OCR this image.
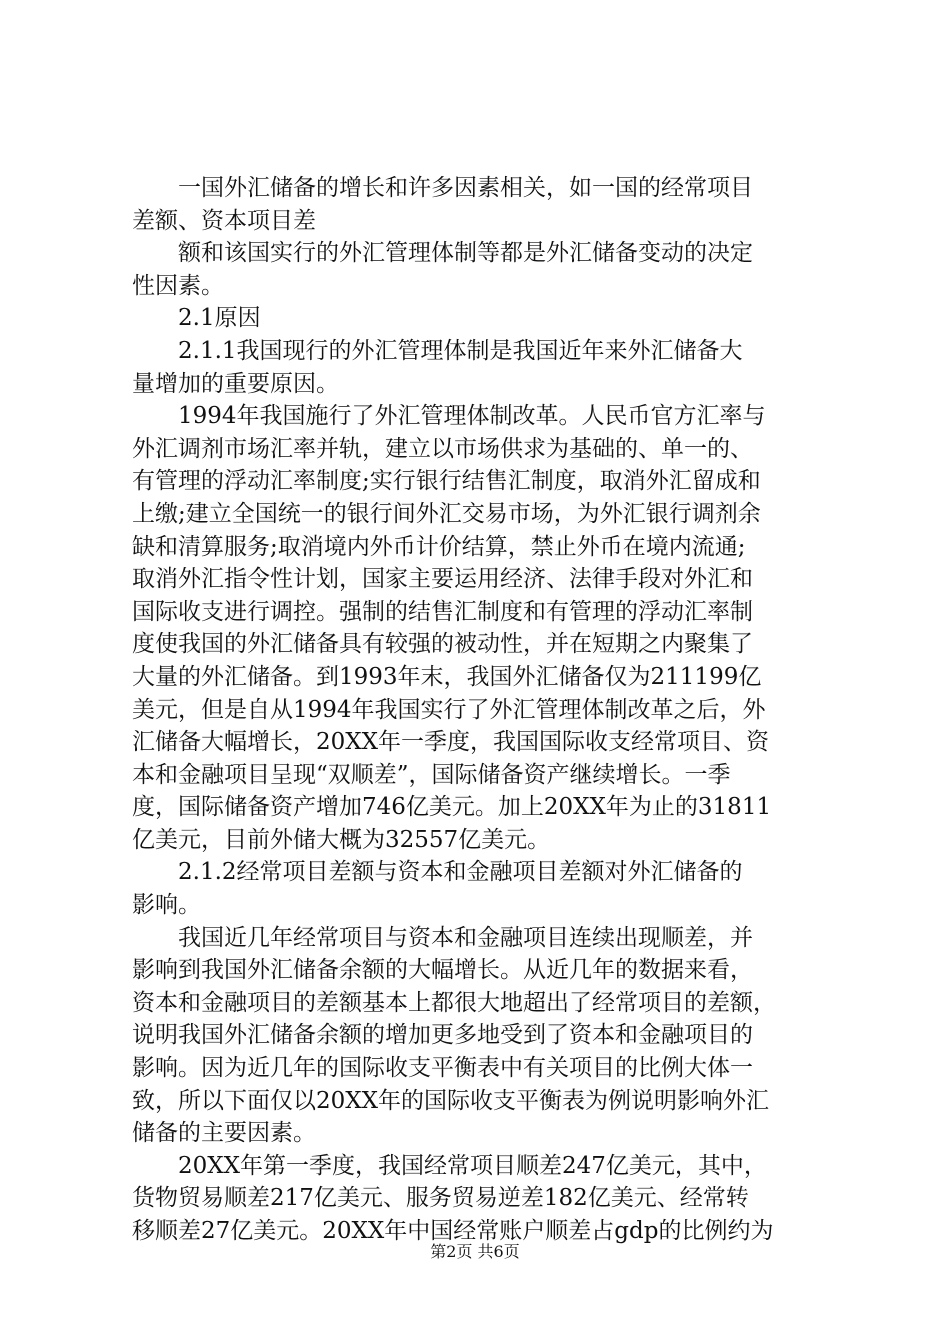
　　一国外汇储备的增长和许多因素相关，如一国的经常项目
差额、资本项目差
　　额和该国实行的外汇管理体制等都是外汇储备变动的决定
性因素。
　　2.1原因
　　2.1.1我国现行的外汇管理体制是我国近年来外汇储备大
量增加的重要原因。
　　1994年我国施行了外汇管理体制改革。人民币官方汇率与
外汇调剂市场汇率并轨，建立以市场供求为基础的、单一的、
有管理的浮动汇率制度;实行银行结售汇制度，取消外汇留成和
上缴;建立全国统一的银行间外汇交易市场，为外汇银行调剂余
缺和清算服务;取消境内外币计价结算，禁止外币在境内流通;
取消外汇指令性计划，国家主要运用经济、法律手段对外汇和
国际收支进行调控。强制的结售汇制度和有管理的浮动汇率制
度使我国的外汇储备具有较强的被动性，并在短期之内聚集了
大量的外汇储备。到1993年末，我国外汇储备仅为211199亿
美元，但是自从1994年我国实行了外汇管理体制改革之后，外
汇储备大幅增长，20XX年一季度，我国国际收支经常项目、资
本和金融项目呈现“双顺差”，国际储备资产继续增长。一季
度，国际储备资产增加746亿美元。加上20XX年为止的31811
亿美元，目前外储大概为32557亿美元。
　　2.1.2经常项目差额与资本和金融项目差额对外汇储备的
影响。
　　我国近几年经常项目与资本和金融项目连续出现顺差，并
影响到我国外汇储备余额的大幅增长。从近几年的数据来看，
资本和金融项目的差额基本上都很大地超出了经常项目的差额，
说明我国外汇储备余额的增加更多地受到了资本和金融项目的
影响。因为近几年的国际收支平衡表中有关项目的比例大体一
致，所以下面仅以20XX年的国际收支平衡表为例说明影响外汇
储备的主要因素。
　　20XX年第一季度，我国经常项目顺差247亿美元，其中，
货物贸易顺差217亿美元、服务贸易逆差182亿美元、经常转
移顺差27亿美元。20XX年中国经常账户顺差占gdp的比例约为
第2页 共6页
